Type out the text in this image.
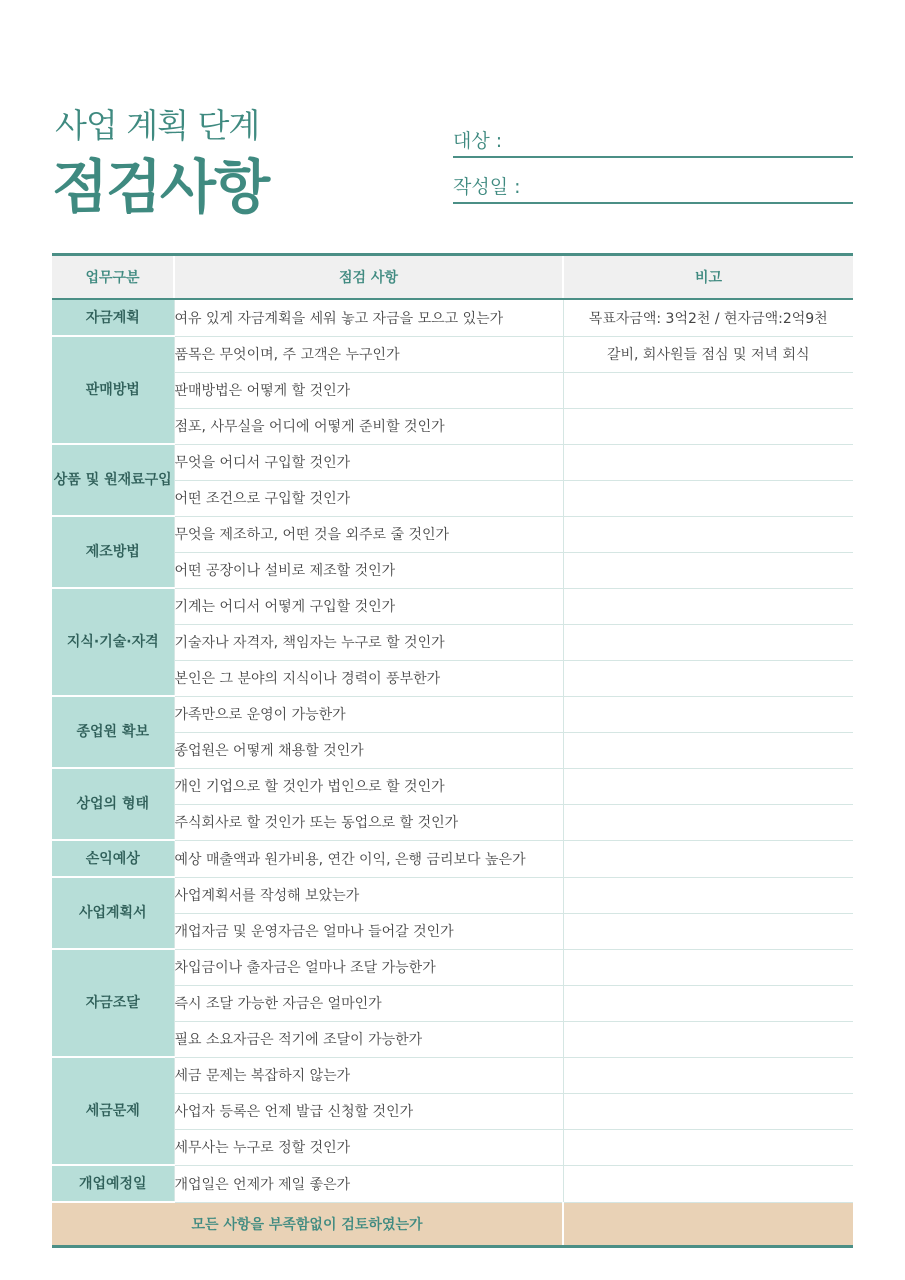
사업 계획 단계
점검사항
대상 :
작성일 :
업무구분	점검 사항	비고
자금계획	여유 있게 자금계획을 세워 놓고 자금을 모으고 있는가	목표자금액: 3억2천 / 현자금액:2억9천
판매방법	품목은 무엇이며, 주 고객은 누구인가	갈비, 회사원들 점심 및 저녁 회식
	판매방법은 어떻게 할 것인가	
	점포, 사무실을 어디에 어떻게 준비할 것인가	
상품 및 원재료구입	무엇을 어디서 구입할 것인가	
	어떤 조건으로 구입할 것인가	
제조방법	무엇을 제조하고, 어떤 것을 외주로 줄 것인가	
	어떤 공장이나 설비로 제조할 것인가	
지식·기술·자격	기계는 어디서 어떻게 구입할 것인가	
	기술자나 자격자, 책임자는 누구로 할 것인가	
	본인은 그 분야의 지식이나 경력이 풍부한가	
종업원 확보	가족만으로 운영이 가능한가	
	종업원은 어떻게 채용할 것인가	
상업의 형태	개인 기업으로 할 것인가 법인으로 할 것인가	
	주식회사로 할 것인가 또는 동업으로 할 것인가	
손익예상	예상 매출액과 원가비용, 연간 이익, 은행 금리보다 높은가	
사업계획서	사업계획서를 작성해 보았는가	
	개업자금 및 운영자금은 얼마나 들어갈 것인가	
자금조달	차입금이나 출자금은 얼마나 조달 가능한가	
	즉시 조달 가능한 자금은 얼마인가	
	필요 소요자금은 적기에 조달이 가능한가	
세금문제	세금 문제는 복잡하지 않는가	
	사업자 등록은 언제 발급 신청할 것인가	
	세무사는 누구로 정할 것인가	
개업예정일	개업일은 언제가 제일 좋은가	
모든 사항을 부족함없이 검토하였는가		
